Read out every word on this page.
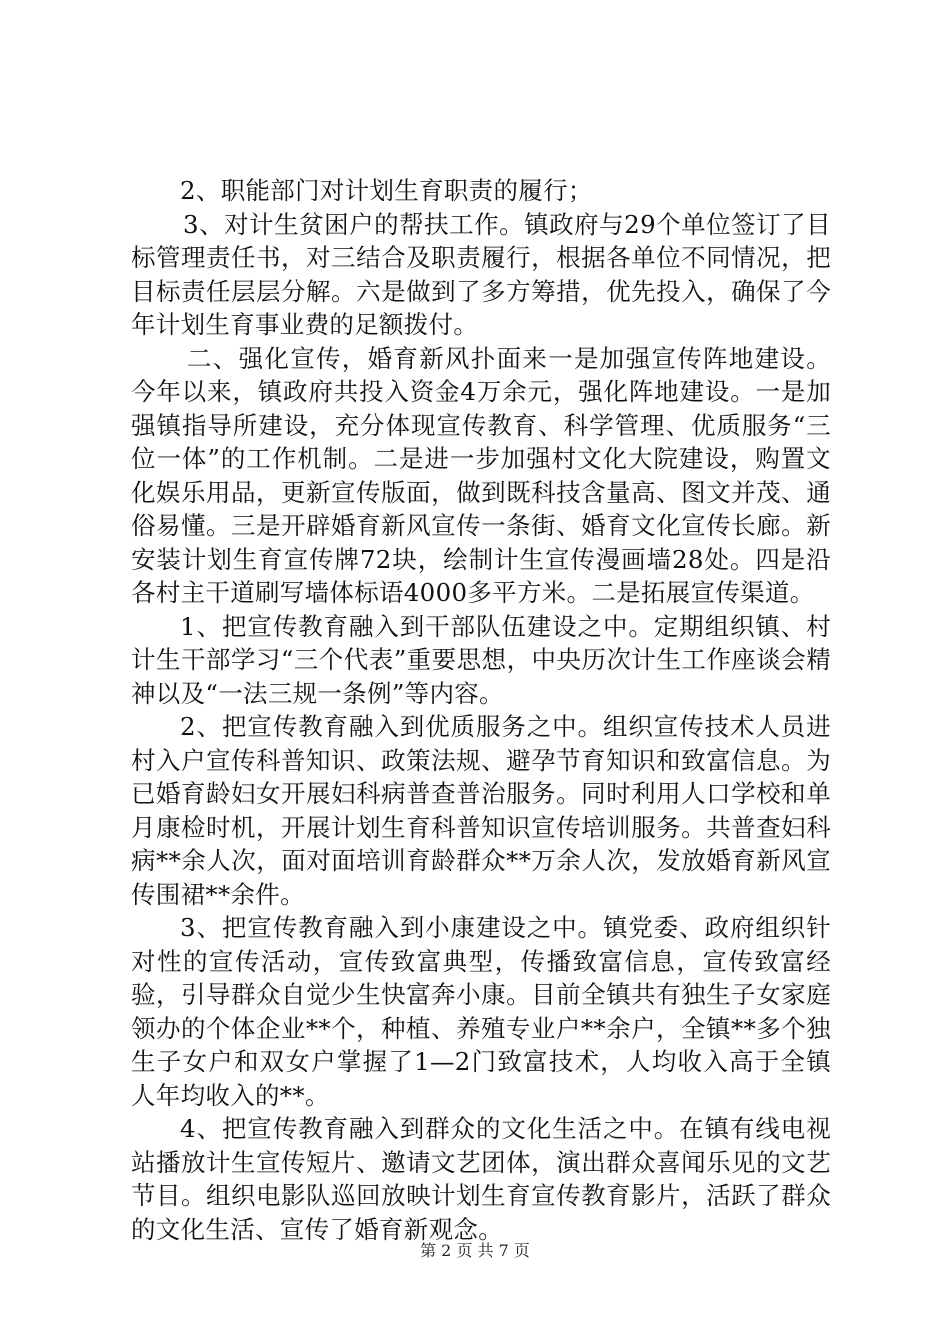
2、职能部门对计划生育职责的履行；

3、对计生贫困户的帮扶工作。镇政府与29个单位签订了目标管理责任书，对三结合及职责履行，根据各单位不同情况，把目标责任层层分解。六是做到了多方筹措，优先投入，确保了今年计划生育事业费的足额拨付。

二、强化宣传，婚育新风扑面来一是加强宣传阵地建设。今年以来，镇政府共投入资金4万余元，强化阵地建设。一是加强镇指导所建设，充分体现宣传教育、科学管理、优质服务“三位一体”的工作机制。二是进一步加强村文化大院建设，购置文化娱乐用品，更新宣传版面，做到既科技含量高、图文并茂、通俗易懂。三是开辟婚育新风宣传一条街、婚育文化宣传长廊。新安装计划生育宣传牌72块，绘制计生宣传漫画墙28处。四是沿各村主干道刷写墙体标语4000多平方米。二是拓展宣传渠道。

1、把宣传教育融入到干部队伍建设之中。定期组织镇、村计生干部学习“三个代表”重要思想，中央历次计生工作座谈会精神以及“一法三规一条例”等内容。

2、把宣传教育融入到优质服务之中。组织宣传技术人员进村入户宣传科普知识、政策法规、避孕节育知识和致富信息。为已婚育龄妇女开展妇科病普查普治服务。同时利用人口学校和单月康检时机，开展计划生育科普知识宣传培训服务。共普查妇科病**余人次，面对面培训育龄群众**万余人次，发放婚育新风宣传围裙**余件。

3、把宣传教育融入到小康建设之中。镇党委、政府组织针对性的宣传活动，宣传致富典型，传播致富信息，宣传致富经验，引导群众自觉少生快富奔小康。目前全镇共有独生子女家庭领办的个体企业**个，种植、养殖专业户**余户，全镇**多个独生子女户和双女户掌握了1—2门致富技术，人均收入高于全镇人年均收入的**。

4、把宣传教育融入到群众的文化生活之中。在镇有线电视站播放计生宣传短片、邀请文艺团体，演出群众喜闻乐见的文艺节目。组织电影队巡回放映计划生育宣传教育影片，活跃了群众的文化生活、宣传了婚育新观念。

第 2 页 共 7 页
